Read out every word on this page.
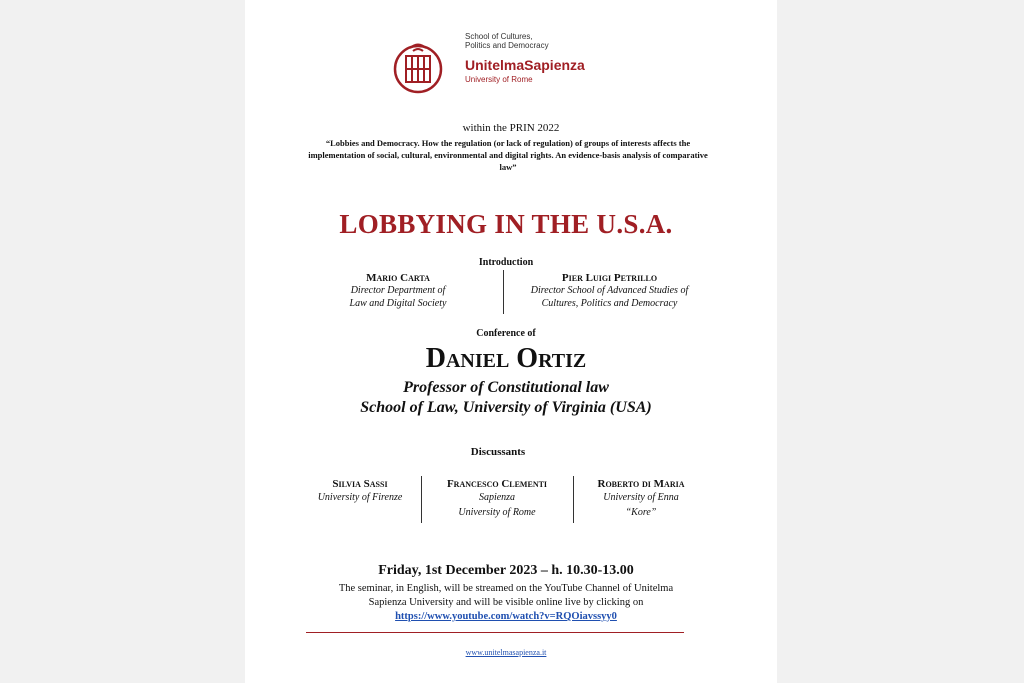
School of Cultures,
Politics and Democracy
UnitelmaSapienza
University of Rome
within the PRIN 2022
“Lobbies and Democracy. How the regulation (or lack of regulation) of groups of interests affects the implementation of social, cultural, environmental and digital rights. An evidence-basis analysis of comparative law”
LOBBYING IN THE U.S.A.
Introduction
Mario Carta
Director Department of
Law and Digital Society
Pier Luigi Petrillo
Director School of Advanced Studies of
Cultures, Politics and Democracy
Conference of
Daniel Ortiz
Professor of Constitutional law
School of Law, University of Virginia (USA)
Discussants
Silvia Sassi
University of Firenze
Francesco Clementi
Sapienza
University of Rome
Roberto di Maria
University of Enna
“Kore”
Friday, 1st December 2023 – h. 10.30-13.00
The seminar, in English, will be streamed on the YouTube Channel of Unitelma
Sapienza University and will be visible online live by clicking on
https://www.youtube.com/watch?v=RQOiavssyy0
www.unitelmasapienza.it
